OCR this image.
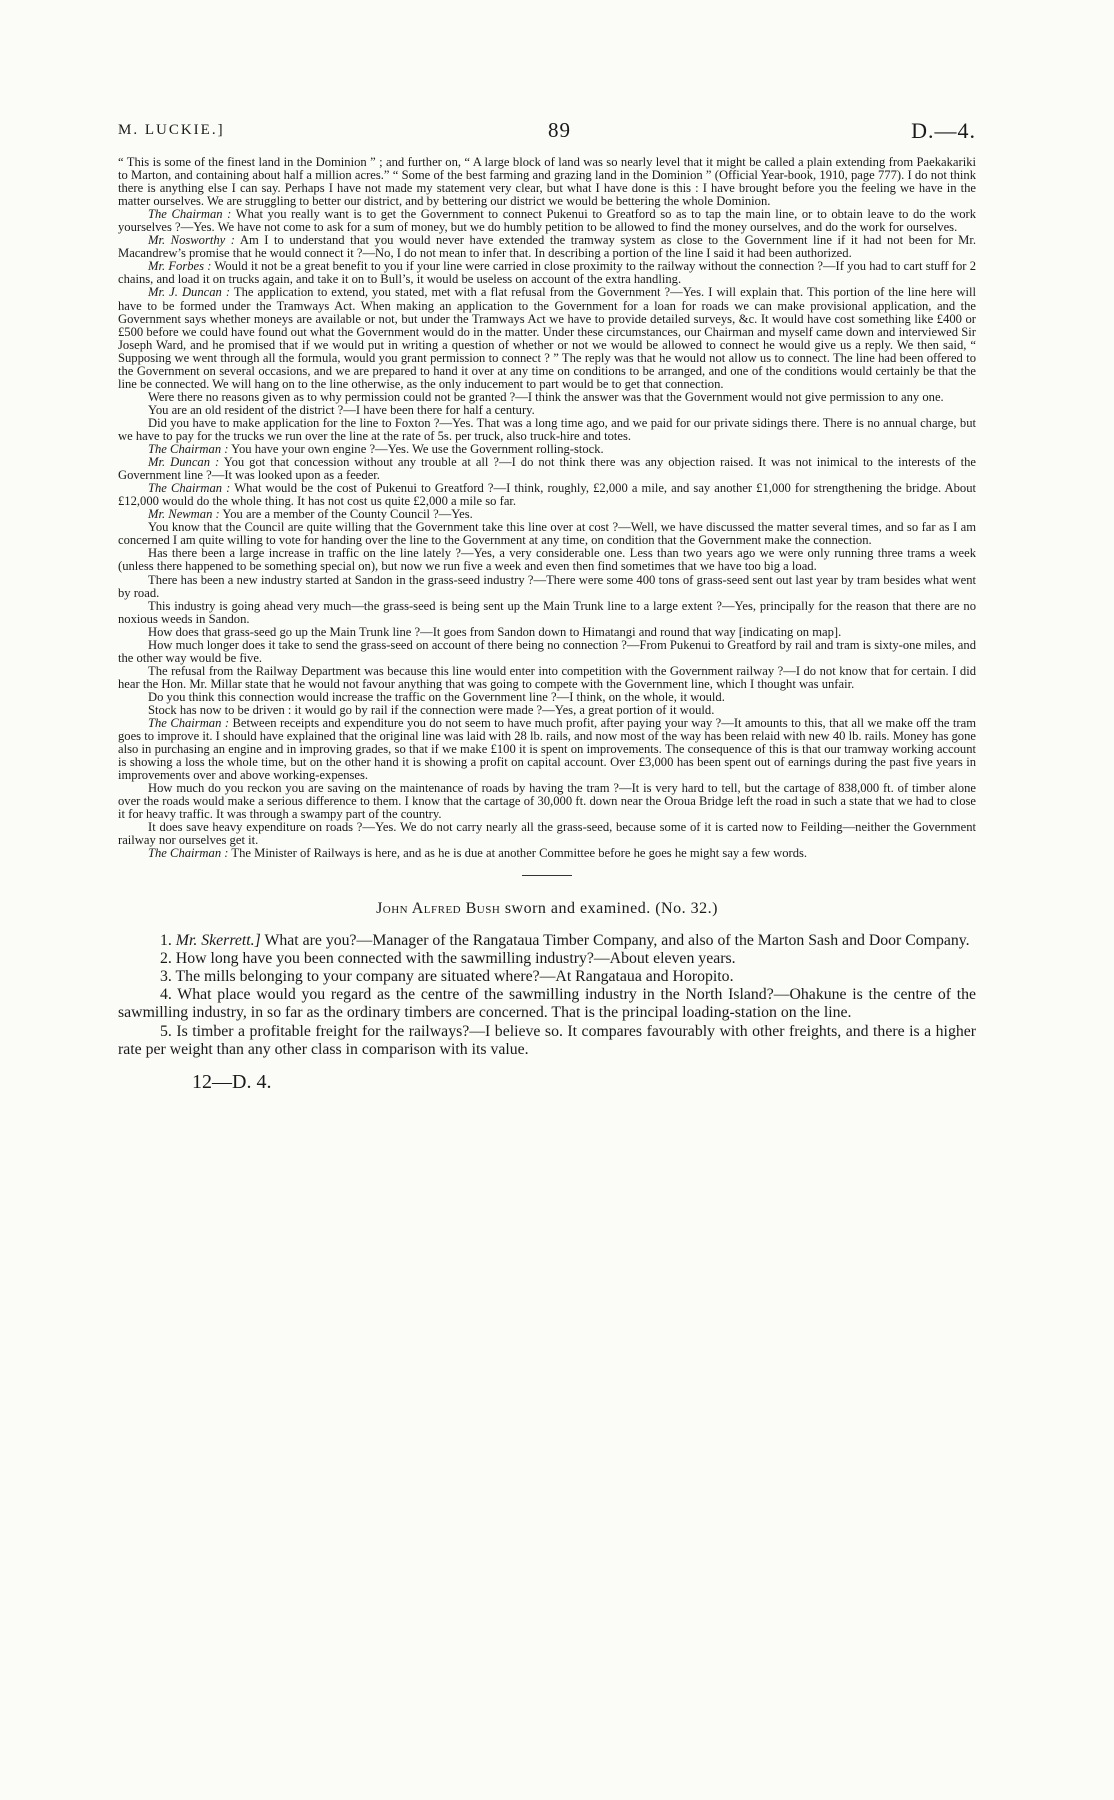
M. LUCKIE.]	89	D.—4.

“ This is some of the finest land in the Dominion ” ; and further on, “ A large block of land was so nearly level that it might be called a plain extending from Paekakariki to Marton, and containing about half a million acres.” “ Some of the best farming and grazing land in the Dominion ” (Official Year-book, 1910, page 777). I do not think there is anything else I can say. Perhaps I have not made my statement very clear, but what I have done is this : I have brought before you the feeling we have in the matter ourselves. We are struggling to better our district, and by bettering our district we would be bettering the whole Dominion.

The Chairman : What you really want is to get the Government to connect Pukenui to Greatford so as to tap the main line, or to obtain leave to do the work yourselves ?—Yes. We have not come to ask for a sum of money, but we do humbly petition to be allowed to find the money ourselves, and do the work for ourselves.

Mr. Nosworthy : Am I to understand that you would never have extended the tramway system as close to the Government line if it had not been for Mr. Macandrew’s promise that he would connect it ?—No, I do not mean to infer that. In describing a portion of the line I said it had been authorized.

Mr. Forbes : Would it not be a great benefit to you if your line were carried in close proximity to the railway without the connection ?—If you had to cart stuff for 2 chains, and load it on trucks again, and take it on to Bull’s, it would be useless on account of the extra handling.

Mr. J. Duncan : The application to extend, you stated, met with a flat refusal from the Government ?—Yes. I will explain that. This portion of the line here will have to be formed under the Tramways Act. When making an application to the Government for a loan for roads we can make provisional application, and the Government says whether moneys are available or not, but under the Tramways Act we have to provide detailed surveys, &c. It would have cost something like £400 or £500 before we could have found out what the Government would do in the matter. Under these circumstances, our Chairman and myself came down and interviewed Sir Joseph Ward, and he promised that if we would put in writing a question of whether or not we would be allowed to connect he would give us a reply. We then said, “ Supposing we went through all the formula, would you grant permission to connect ? ” The reply was that he would not allow us to connect. The line had been offered to the Government on several occasions, and we are prepared to hand it over at any time on conditions to be arranged, and one of the conditions would certainly be that the line be connected. We will hang on to the line otherwise, as the only inducement to part would be to get that connection.

Were there no reasons given as to why permission could not be granted ?—I think the answer was that the Government would not give permission to any one.

You are an old resident of the district ?—I have been there for half a century.

Did you have to make application for the line to Foxton ?—Yes. That was a long time ago, and we paid for our private sidings there. There is no annual charge, but we have to pay for the trucks we run over the line at the rate of 5s. per truck, also truck-hire and totes.

The Chairman : You have your own engine ?—Yes. We use the Government rolling-stock.

Mr. Duncan : You got that concession without any trouble at all ?—I do not think there was any objection raised. It was not inimical to the interests of the Government line ?—It was looked upon as a feeder.

The Chairman : What would be the cost of Pukenui to Greatford ?—I think, roughly, £2,000 a mile, and say another £1,000 for strengthening the bridge. About £12,000 would do the whole thing. It has not cost us quite £2,000 a mile so far.

Mr. Newman : You are a member of the County Council ?—Yes.

You know that the Council are quite willing that the Government take this line over at cost ?—Well, we have discussed the matter several times, and so far as I am concerned I am quite willing to vote for handing over the line to the Government at any time, on condition that the Government make the connection.

Has there been a large increase in traffic on the line lately ?—Yes, a very considerable one. Less than two years ago we were only running three trams a week (unless there happened to be something special on), but now we run five a week and even then find sometimes that we have too big a load.

There has been a new industry started at Sandon in the grass-seed industry ?—There were some 400 tons of grass-seed sent out last year by tram besides what went by road.

This industry is going ahead very much—the grass-seed is being sent up the Main Trunk line to a large extent ?—Yes, principally for the reason that there are no noxious weeds in Sandon.

How does that grass-seed go up the Main Trunk line ?—It goes from Sandon down to Himatangi and round that way [indicating on map].

How much longer does it take to send the grass-seed on account of there being no connection ?—From Pukenui to Greatford by rail and tram is sixty-one miles, and the other way would be five.

The refusal from the Railway Department was because this line would enter into competition with the Government railway ?—I do not know that for certain. I did hear the Hon. Mr. Millar state that he would not favour anything that was going to compete with the Government line, which I thought was unfair.

Do you think this connection would increase the traffic on the Government line ?—I think, on the whole, it would.

Stock has now to be driven : it would go by rail if the connection were made ?—Yes, a great portion of it would.

The Chairman : Between receipts and expenditure you do not seem to have much profit, after paying your way ?—It amounts to this, that all we make off the tram goes to improve it. I should have explained that the original line was laid with 28 lb. rails, and now most of the way has been relaid with new 40 lb. rails. Money has gone also in purchasing an engine and in improving grades, so that if we make £100 it is spent on improvements. The consequence of this is that our tramway working account is showing a loss the whole time, but on the other hand it is showing a profit on capital account. Over £3,000 has been spent out of earnings during the past five years in improvements over and above working-expenses.

How much do you reckon you are saving on the maintenance of roads by having the tram ?—It is very hard to tell, but the cartage of 838,000 ft. of timber alone over the roads would make a serious difference to them. I know that the cartage of 30,000 ft. down near the Oroua Bridge left the road in such a state that we had to close it for heavy traffic. It was through a swampy part of the country.

It does save heavy expenditure on roads ?—Yes. We do not carry nearly all the grass-seed, because some of it is carted now to Feilding—neither the Government railway nor ourselves get it.

The Chairman : The Minister of Railways is here, and as he is due at another Committee before he goes he might say a few words.

John Alfred Bush sworn and examined. (No. 32.)

1. Mr. Skerrett.] What are you?—Manager of the Rangataua Timber Company, and also of the Marton Sash and Door Company.

2. How long have you been connected with the sawmilling industry?—About eleven years.

3. The mills belonging to your company are situated where?—At Rangataua and Horopito.

4. What place would you regard as the centre of the sawmilling industry in the North Island?—Ohakune is the centre of the sawmilling industry, in so far as the ordinary timbers are concerned. That is the principal loading-station on the line.

5. Is timber a profitable freight for the railways?—I believe so. It compares favourably with other freights, and there is a higher rate per weight than any other class in comparison with its value.

12—D. 4.
